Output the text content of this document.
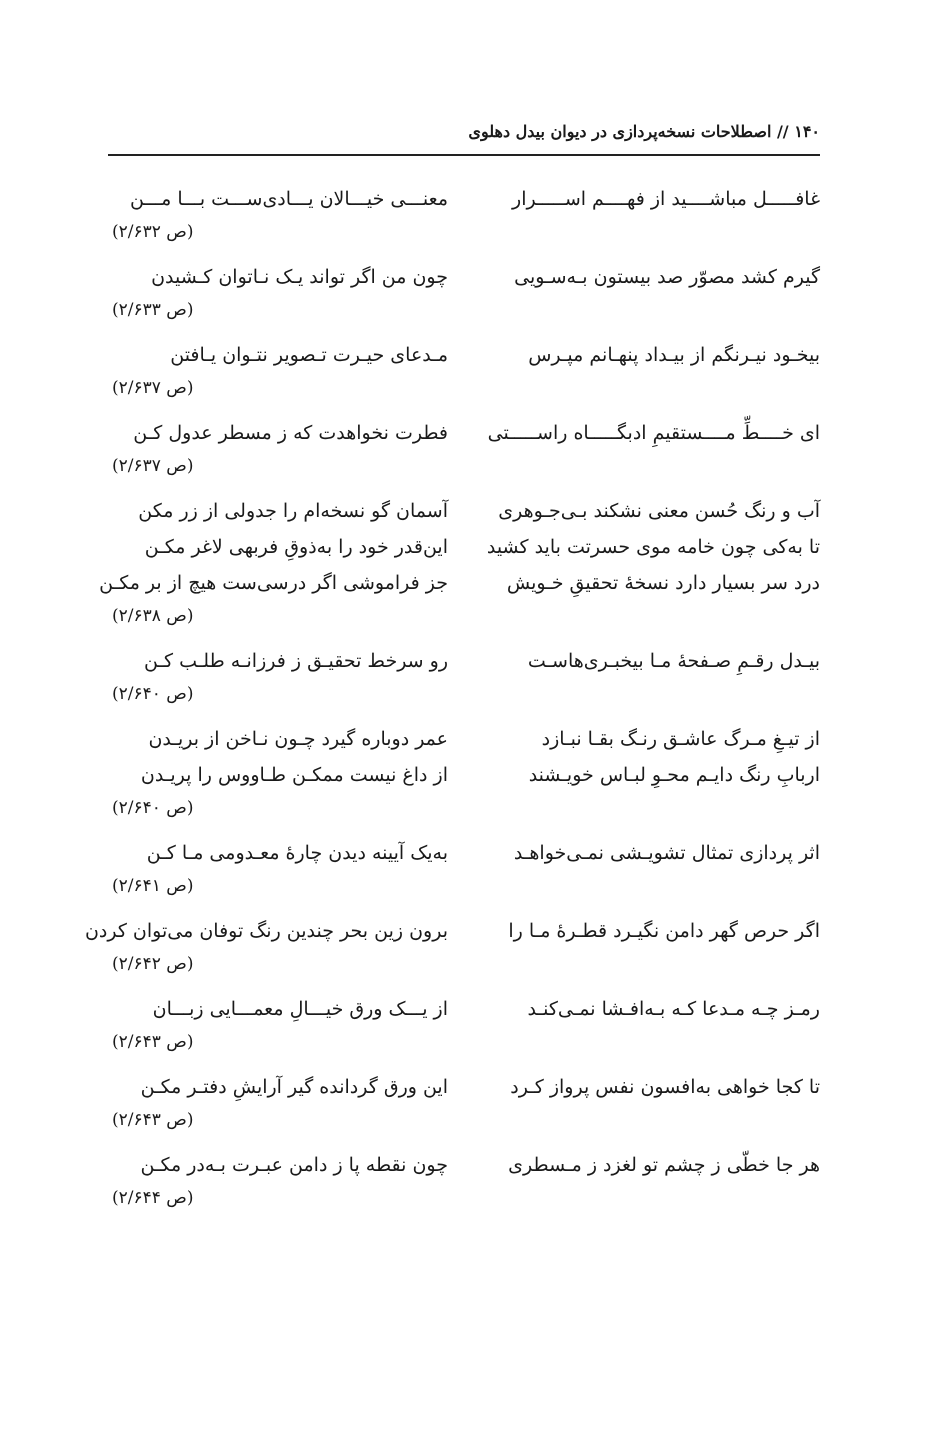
۱۴۰ // اصطلاحات نسخه‌پردازی در دیوان بیدل دهلوی
غافـــــل مباشــــید از فهــــم اســـــرار
معنـــی خیـــالان یـــادی‌ســـت بـــا مـــن
(ص ۲/۶۳۲)
گیرم کشد مصوّر صد بیستون بـه‌سـویی
چون من اگر تواند یـک نـاتوان کـشیدن
(ص ۲/۶۳۳)
بیخـود نیـرنگم از بیـداد پنهـانم مپـرس
مـدعای حیـرت تـصویر نتـوان یـافتن
(ص ۲/۶۳۷)
ای خــــطِّ مــــستقیمِ ادبگـــــاه راســـــتی
فطرت نخواهدت که ز مسطر عدول کـن
(ص ۲/۶۳۷)
آب و رنگ حُسن معنی نشکند بـی‌جـوهری
آسمان گو نسخه‌ام را جدولی از زر مکن
تا به‌کی چون خامه موی حسرتت باید کشید
این‌قدر خود را به‌ذوقِ فربهی لاغر مکـن
درد سر بسیار دارد نسخهٔ تحقیقِ خـویش
جز فراموشی اگر درسی‌ست هیچ از بر مکـن
(ص ۲/۶۳۸)
بیـدل رقـمِ صـفحهٔ مـا بیخبـری‌هاسـت
رو سرخط تحقیـق ز فرزانـه طلـب کـن
(ص ۲/۶۴۰)
از تیـغِ مـرگ عاشـق رنـگ بقـا نبـازد
عمر دوباره گیرد چـون نـاخن از بریـدن
اربابِ رنگ دایـم محـوِ لبـاس خویـشند
از داغ نیست ممکـن طـاووس را پریـدن
(ص ۲/۶۴۰)
اثر پردازی تمثال تشویـشی نمـی‌خواهـد
به‌یک آیینه دیدن چارهٔ معـدومی مـا کـن
(ص ۲/۶۴۱)
اگر حرص گهر دامن نگیـرد قطـرهٔ مـا را
برون زین بحر چندین رنگ توفان می‌توان کردن
(ص ۲/۶۴۲)
رمـز چـه مـدعا کـه بـه‌افـشا نمـی‌کنـد
از یـــک ورق خیـــالِ معمـــایی زبـــان
(ص ۲/۶۴۳)
تا کجا خواهی به‌افسون نفس پرواز کـرد
این ورق گردانده گیر آرایشِ دفتـر مکـن
(ص ۲/۶۴۳)
هر جا خطّی ز چشم تو لغزد ز مـسطری
چون نقطه پا ز دامن عبـرت بـه‌در مکـن
(ص ۲/۶۴۴)
